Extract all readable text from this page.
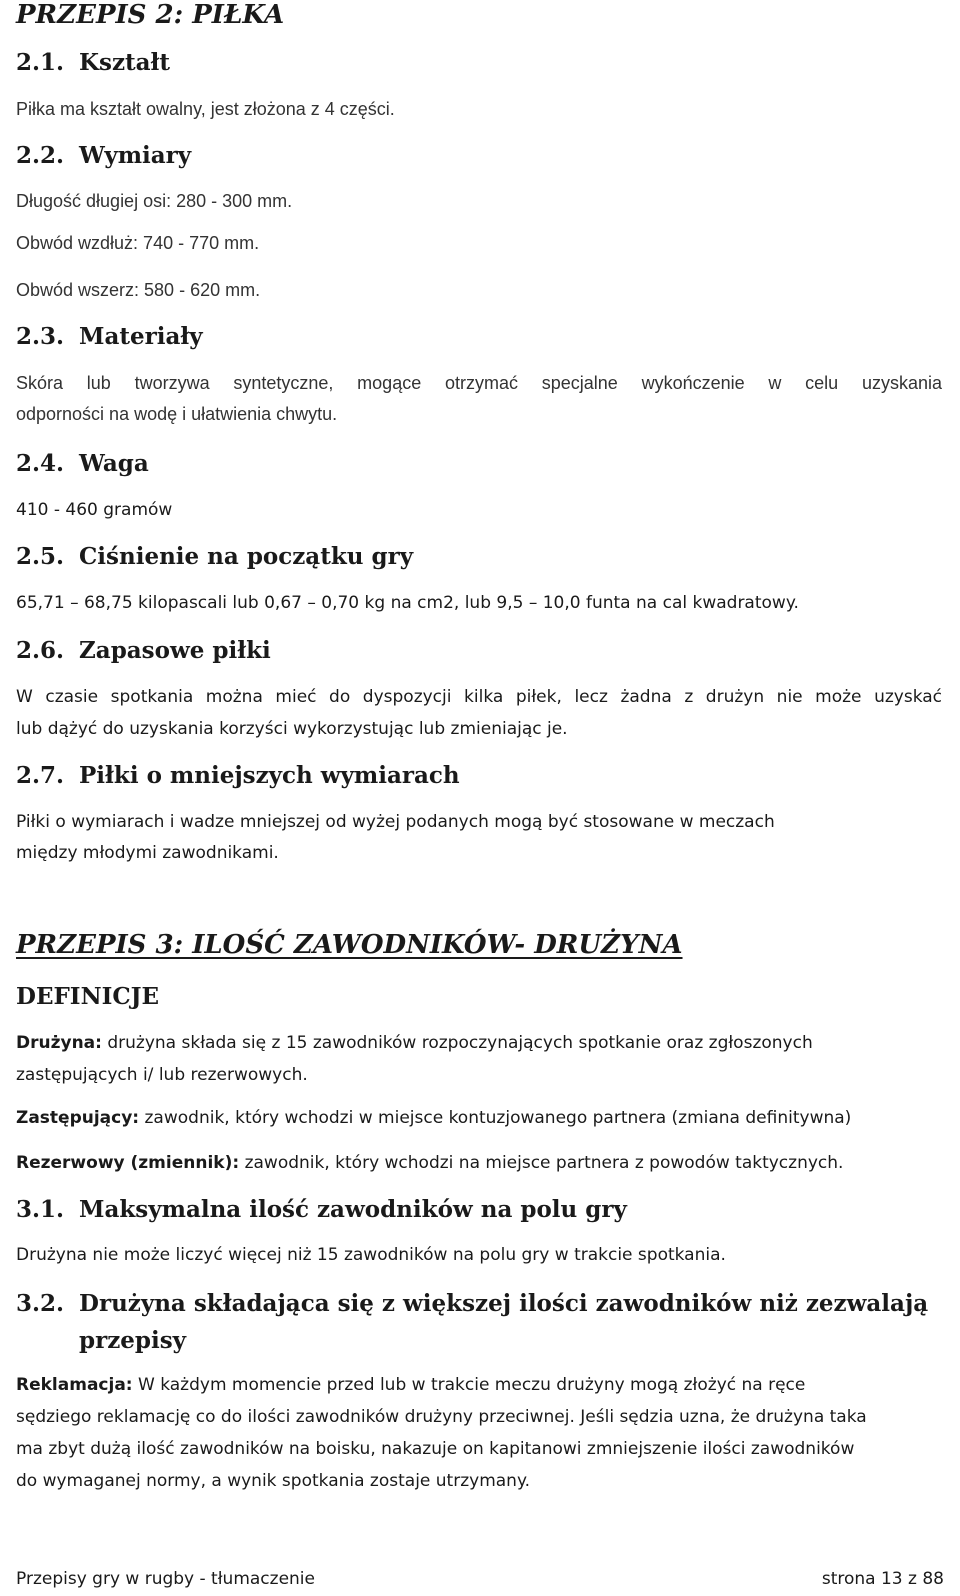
PRZEPIS 2: PIŁKA
2.1. Kształt
Piłka ma kształt owalny, jest złożona z 4 części.
2.2. Wymiary
Długość długiej osi: 280 - 300 mm.
Obwód wzdłuż: 740 - 770 mm.
Obwód wszerz: 580 - 620 mm.
2.3. Materiały
Skóra lub tworzywa syntetyczne, mogące otrzymać specjalne wykończenie w celu uzyskania
odporności na wodę i ułatwienia chwytu.
2.4. Waga
410 - 460 gramów
2.5. Ciśnienie na początku gry
65,71 – 68,75 kilopascali lub 0,67 – 0,70 kg na cm2, lub 9,5 – 10,0 funta na cal kwadratowy.
2.6. Zapasowe piłki
W czasie spotkania można mieć do dyspozycji kilka piłek, lecz żadna z drużyn nie może uzyskać
lub dążyć do uzyskania korzyści wykorzystując lub zmieniając je.
2.7. Piłki o mniejszych wymiarach
Piłki o wymiarach i wadze mniejszej od wyżej podanych mogą być stosowane w meczach
między młodymi zawodnikami.
PRZEPIS 3: ILOŚĆ ZAWODNIKÓW- DRUŻYNA
DEFINICJE
Drużyna: drużyna składa się z 15 zawodników rozpoczynających spotkanie oraz zgłoszonych
zastępujących i/ lub rezerwowych.
Zastępujący: zawodnik, który wchodzi w miejsce kontuzjowanego partnera (zmiana definitywna)
Rezerwowy (zmiennik): zawodnik, który wchodzi na miejsce partnera z powodów taktycznych.
3.1. Maksymalna ilość zawodników na polu gry
Drużyna nie może liczyć więcej niż 15 zawodników na polu gry w trakcie spotkania.
3.2. Drużyna składająca się z większej ilości zawodników niż zezwalają
przepisy
Reklamacja: W każdym momencie przed lub w trakcie meczu drużyny mogą złożyć na ręce
sędziego reklamację co do ilości zawodników drużyny przeciwnej. Jeśli sędzia uzna, że drużyna taka
ma zbyt dużą ilość zawodników na boisku, nakazuje on kapitanowi zmniejszenie ilości zawodników
do wymaganej normy, a wynik spotkania zostaje utrzymany.
Przepisy gry w rugby - tłumaczenie	strona 13 z 88
